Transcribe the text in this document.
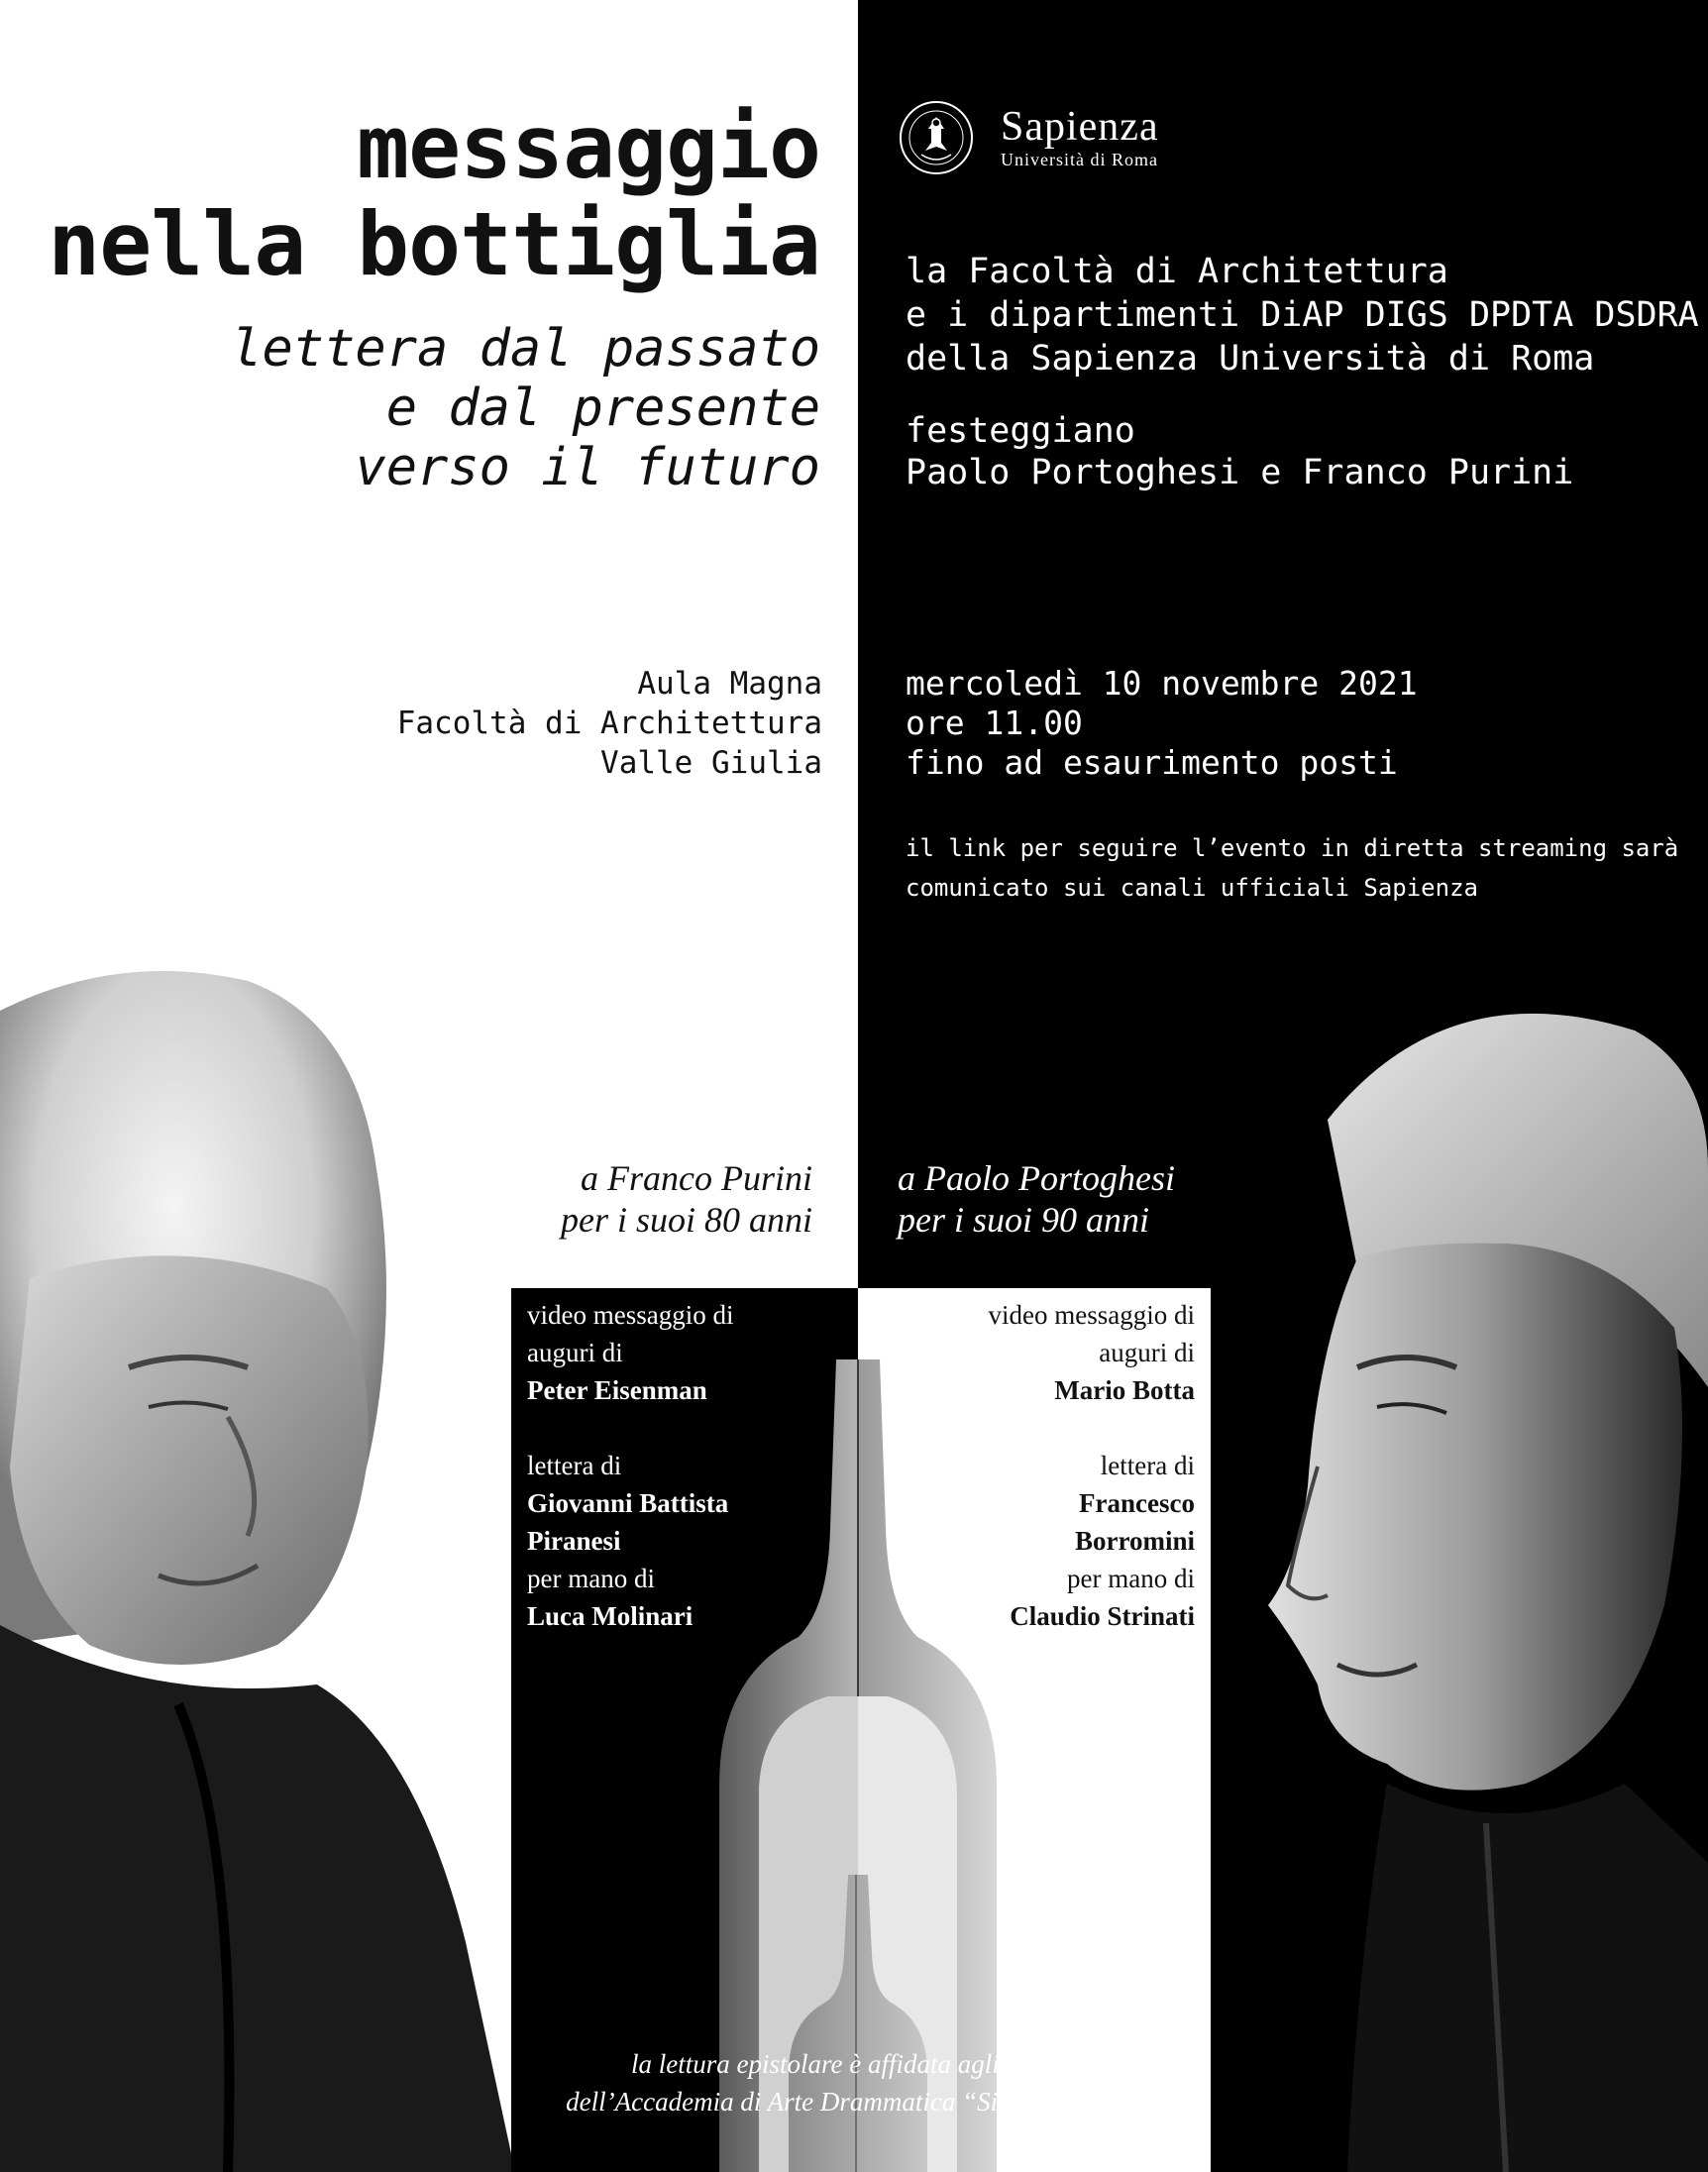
messaggio
nella bottiglia
lettera dal passato
e dal presente
verso il futuro
Sapienza
Università di Roma
la Facoltà di Architettura
e i dipartimenti DiAP DIGS DPDTA DSDRA
della Sapienza Università di Roma
festeggiano
Paolo Portoghesi e Franco Purini
Aula Magna
Facoltà di Architettura
Valle Giulia
mercoledì 10 novembre 2021
ore 11.00
fino ad esaurimento posti
il link per seguire l’evento in diretta streaming sarà
comunicato sui canali ufficiali Sapienza
a Franco Purini
per i suoi 80 anni
a Paolo Portoghesi
per i suoi 90 anni
video messaggio di
auguri di
Peter Eisenman
lettera di
Giovanni Battista
Piranesi
per mano di
Luca Molinari
video messaggio di
auguri di
Mario Botta
lettera di
Francesco
Borromini
per mano di
Claudio Strinati
la lettura epistolare è affidata agli studenti
dell’Accademia di Arte Drammatica “Silvio D’Amico”
